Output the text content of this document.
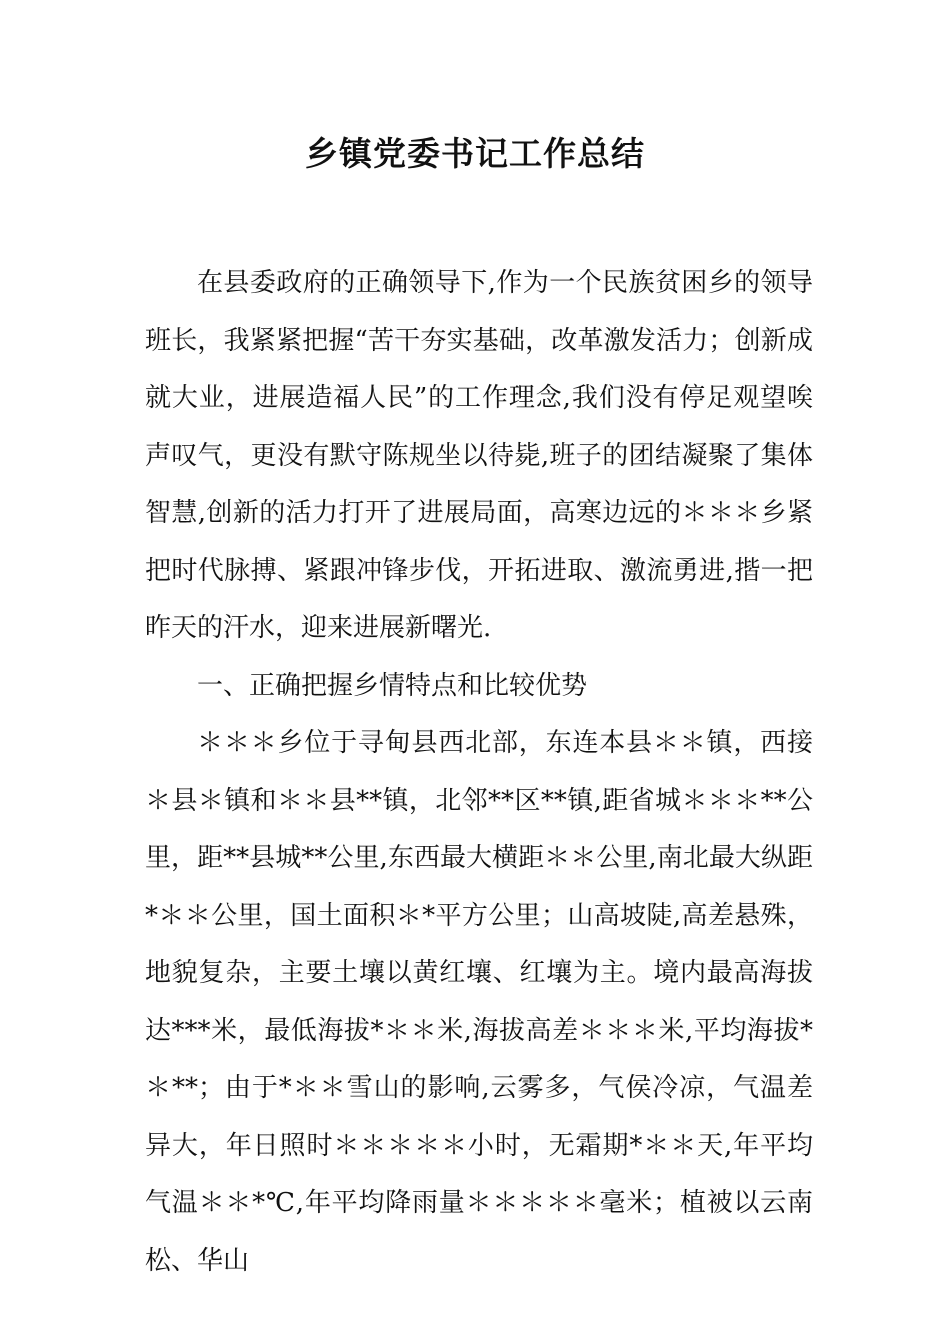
乡镇党委书记工作总结

在县委政府的正确领导下,作为一个民族贫困乡的领导班长，我紧紧把握“苦干夯实基础，改革激发活力；创新成就大业，进展造福人民”的工作理念,我们没有停足观望唉声叹气，更没有默守陈规坐以待毙,班子的团结凝聚了集体智慧,创新的活力打开了进展局面，高寒边远的＊＊＊乡紧把时代脉搏、紧跟冲锋步伐，开拓进取、激流勇进,揩一把昨天的汗水，迎来进展新曙光.

一、正确把握乡情特点和比较优势

＊＊＊乡位于寻甸县西北部，东连本县＊＊镇，西接＊县＊镇和＊＊县**镇，北邻**区**镇,距省城＊＊＊**公里，距**县城**公里,东西最大横距＊＊公里,南北最大纵距*＊＊公里，国土面积＊*平方公里；山高坡陡,高差悬殊，地貌复杂，主要土壤以黄红壤、红壤为主。境内最高海拔达***米，最低海拔*＊＊米,海拔高差＊＊＊米,平均海拔*＊**；由于*＊＊雪山的影响,云雾多，气侯冷凉，气温差异大，年日照时＊＊＊＊＊小时，无霜期*＊＊天,年平均气温＊＊*℃,年平均降雨量＊＊＊＊＊毫米；植被以云南松、华山
